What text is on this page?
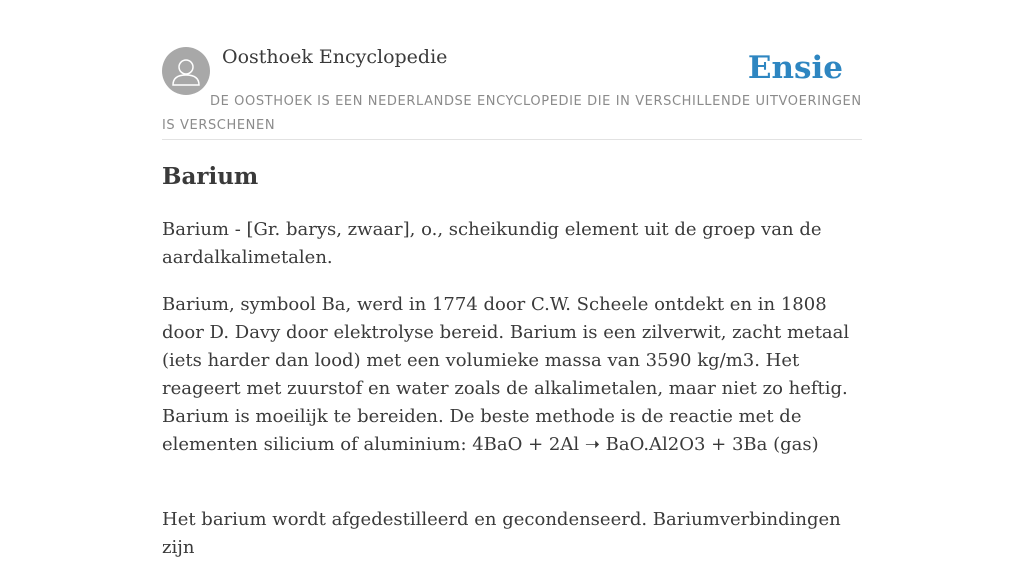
Oosthoek Encyclopedie	Ensie
DE OOSTHOEK IS EEN NEDERLANDSE ENCYCLOPEDIE DIE IN VERSCHILLENDE UITVOERINGEN IS VERSCHENEN
Barium

Barium - [Gr. barys, zwaar], o., scheikundig element uit de groep van de aardalkalimetalen.

Barium, symbool Ba, werd in 1774 door C.W. Scheele ontdekt en in 1808 door D. Davy door elektrolyse bereid. Barium is een zilverwit, zacht metaal (iets harder dan lood) met een volumieke massa van 3590 kg/m3. Het reageert met zuurstof en water zoals de alkalimetalen, maar niet zo heftig. Barium is moeilijk te bereiden. De beste methode is de reactie met de elementen silicium of aluminium: 4BaO + 2Al ➝ BaO.Al2O3 + 3Ba (gas)

Het barium wordt afgedestilleerd en gecondenseerd. Bariumverbindingen zijn
